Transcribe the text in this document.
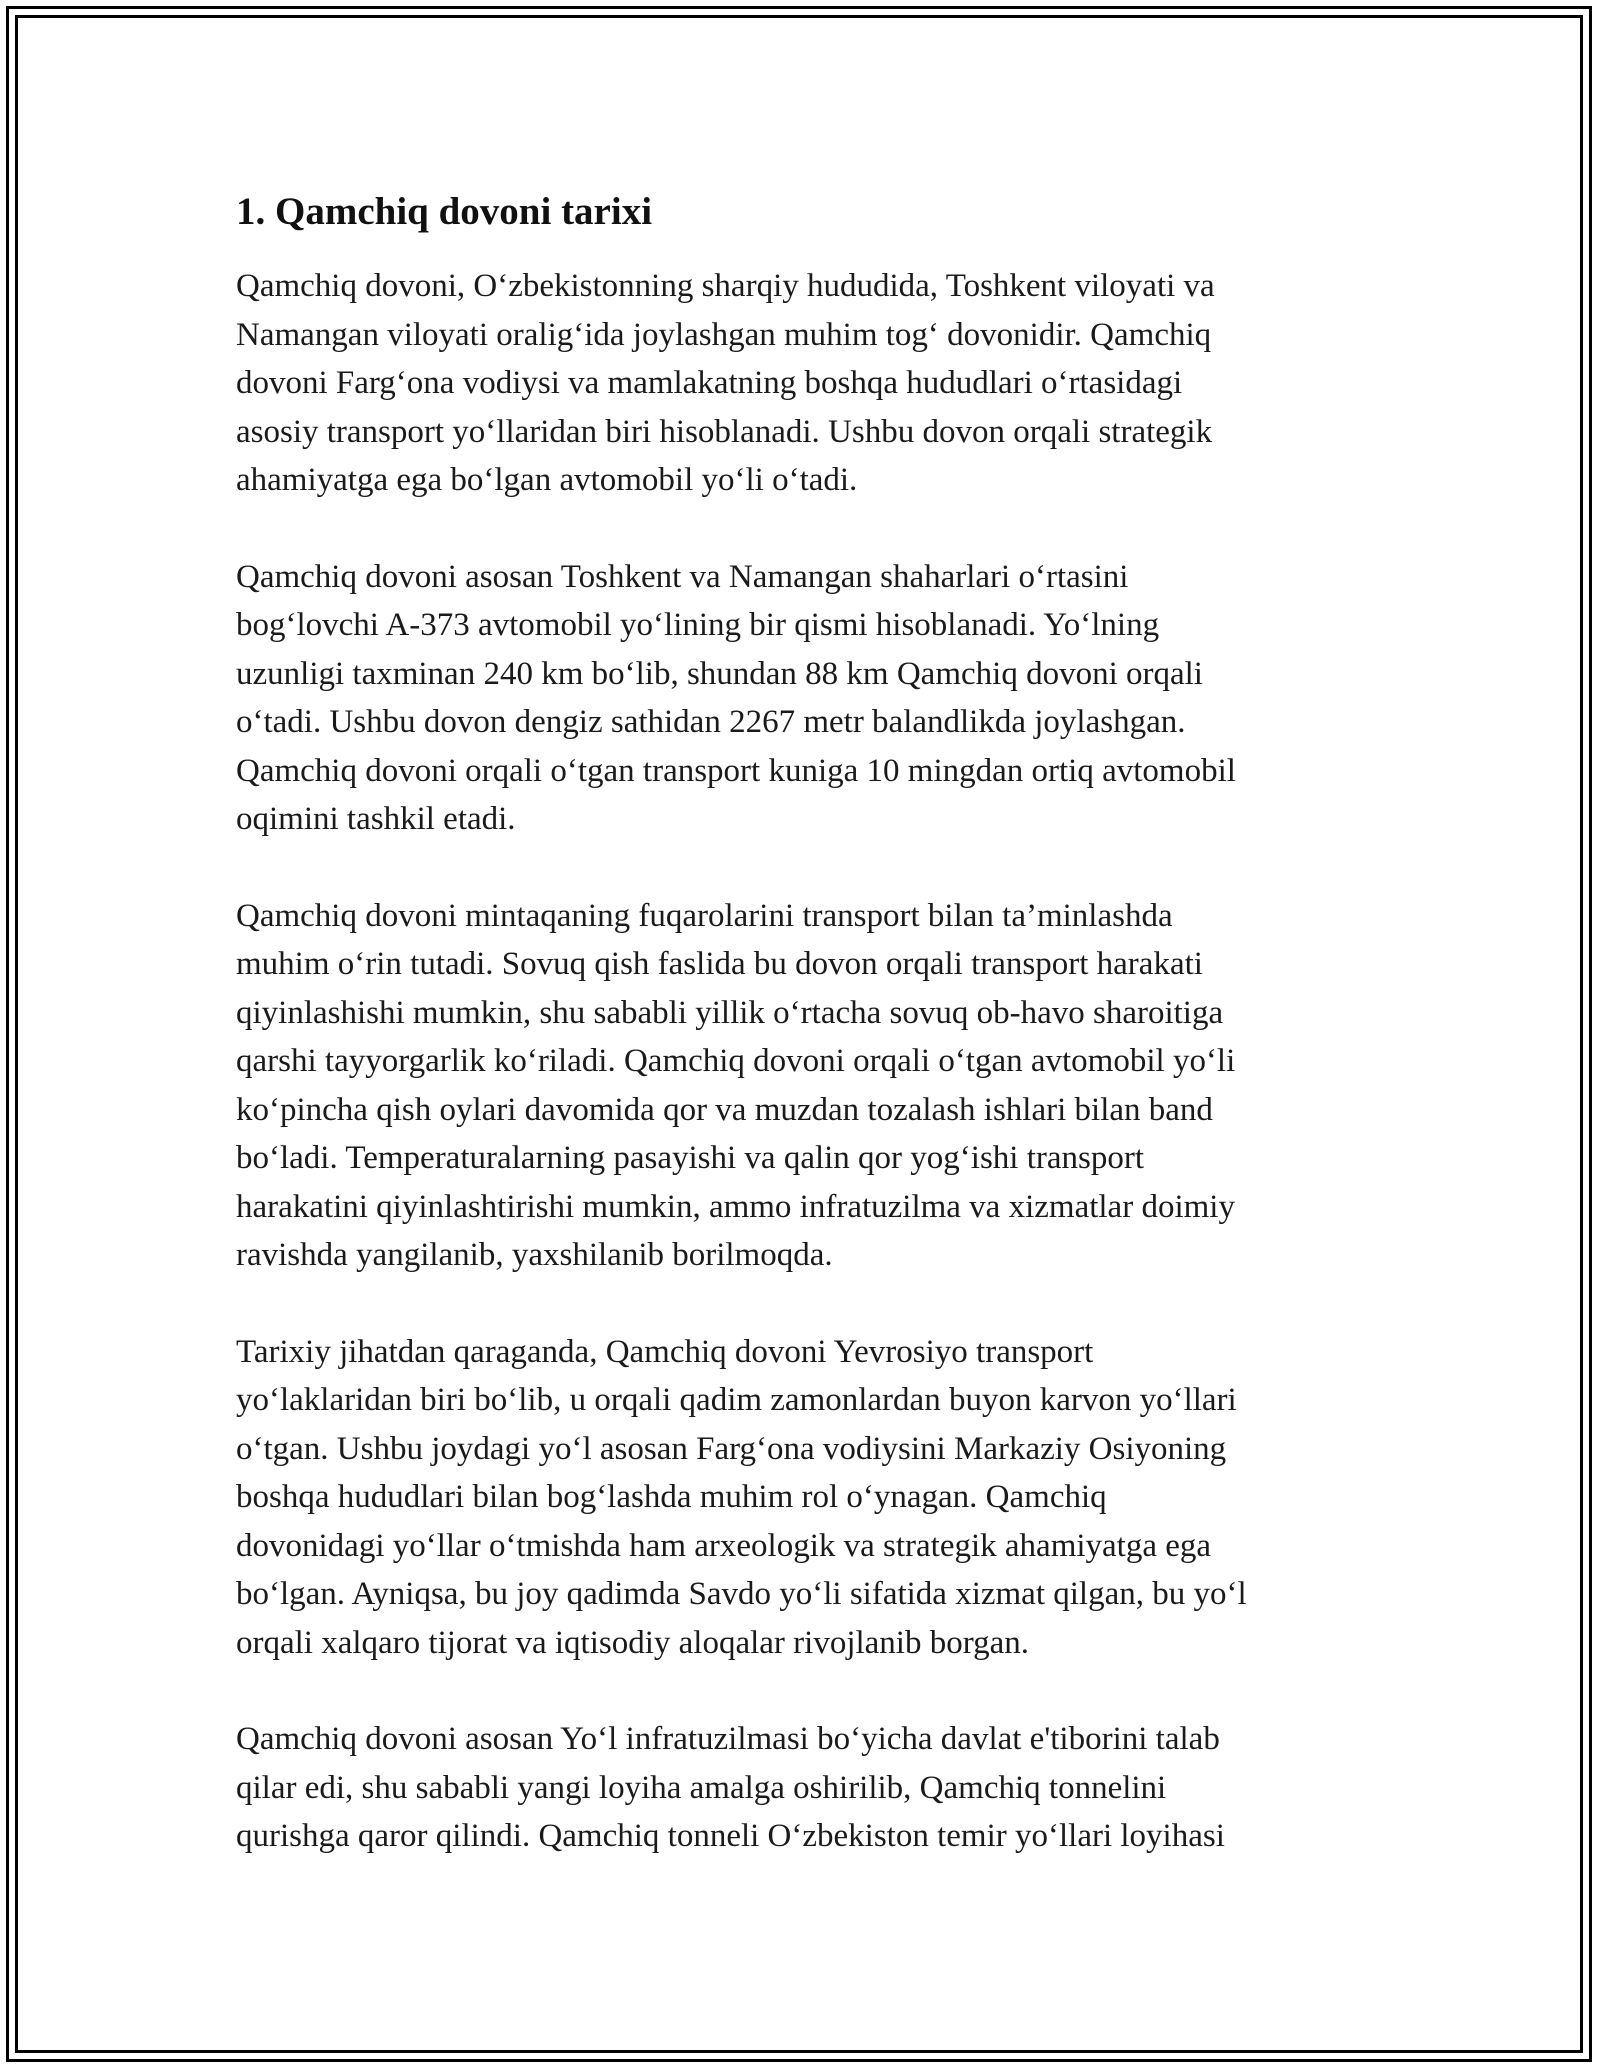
1. Qamchiq dovoni tarixi

Qamchiq dovoni, O‘zbekistonning sharqiy hududida, Toshkent viloyati va
Namangan viloyati oralig‘ida joylashgan muhim tog‘ dovonidir. Qamchiq
dovoni Farg‘ona vodiysi va mamlakatning boshqa hududlari o‘rtasidagi
asosiy transport yo‘llaridan biri hisoblanadi. Ushbu dovon orqali strategik
ahamiyatga ega bo‘lgan avtomobil yo‘li o‘tadi.

Qamchiq dovoni asosan Toshkent va Namangan shaharlari o‘rtasini
bog‘lovchi A-373 avtomobil yo‘lining bir qismi hisoblanadi. Yo‘lning
uzunligi taxminan 240 km bo‘lib, shundan 88 km Qamchiq dovoni orqali
o‘tadi. Ushbu dovon dengiz sathidan 2267 metr balandlikda joylashgan.
Qamchiq dovoni orqali o‘tgan transport kuniga 10 mingdan ortiq avtomobil
oqimini tashkil etadi.

Qamchiq dovoni mintaqaning fuqarolarini transport bilan ta’minlashda
muhim o‘rin tutadi. Sovuq qish faslida bu dovon orqali transport harakati
qiyinlashishi mumkin, shu sababli yillik o‘rtacha sovuq ob-havo sharoitiga
qarshi tayyorgarlik ko‘riladi. Qamchiq dovoni orqali o‘tgan avtomobil yo‘li
ko‘pincha qish oylari davomida qor va muzdan tozalash ishlari bilan band
bo‘ladi. Temperaturalarning pasayishi va qalin qor yog‘ishi transport
harakatini qiyinlashtirishi mumkin, ammo infratuzilma va xizmatlar doimiy
ravishda yangilanib, yaxshilanib borilmoqda.

Tarixiy jihatdan qaraganda, Qamchiq dovoni Yevrosiyo transport
yo‘laklaridan biri bo‘lib, u orqali qadim zamonlardan buyon karvon yo‘llari
o‘tgan. Ushbu joydagi yo‘l asosan Farg‘ona vodiysini Markaziy Osiyoning
boshqa hududlari bilan bog‘lashda muhim rol o‘ynagan. Qamchiq
dovonidagi yo‘llar o‘tmishda ham arxeologik va strategik ahamiyatga ega
bo‘lgan. Ayniqsa, bu joy qadimda Savdo yo‘li sifatida xizmat qilgan, bu yo‘l
orqali xalqaro tijorat va iqtisodiy aloqalar rivojlanib borgan.

Qamchiq dovoni asosan Yo‘l infratuzilmasi bo‘yicha davlat e'tiborini talab
qilar edi, shu sababli yangi loyiha amalga oshirilib, Qamchiq tonnelini
qurishga qaror qilindi. Qamchiq tonneli O‘zbekiston temir yo‘llari loyihasi
